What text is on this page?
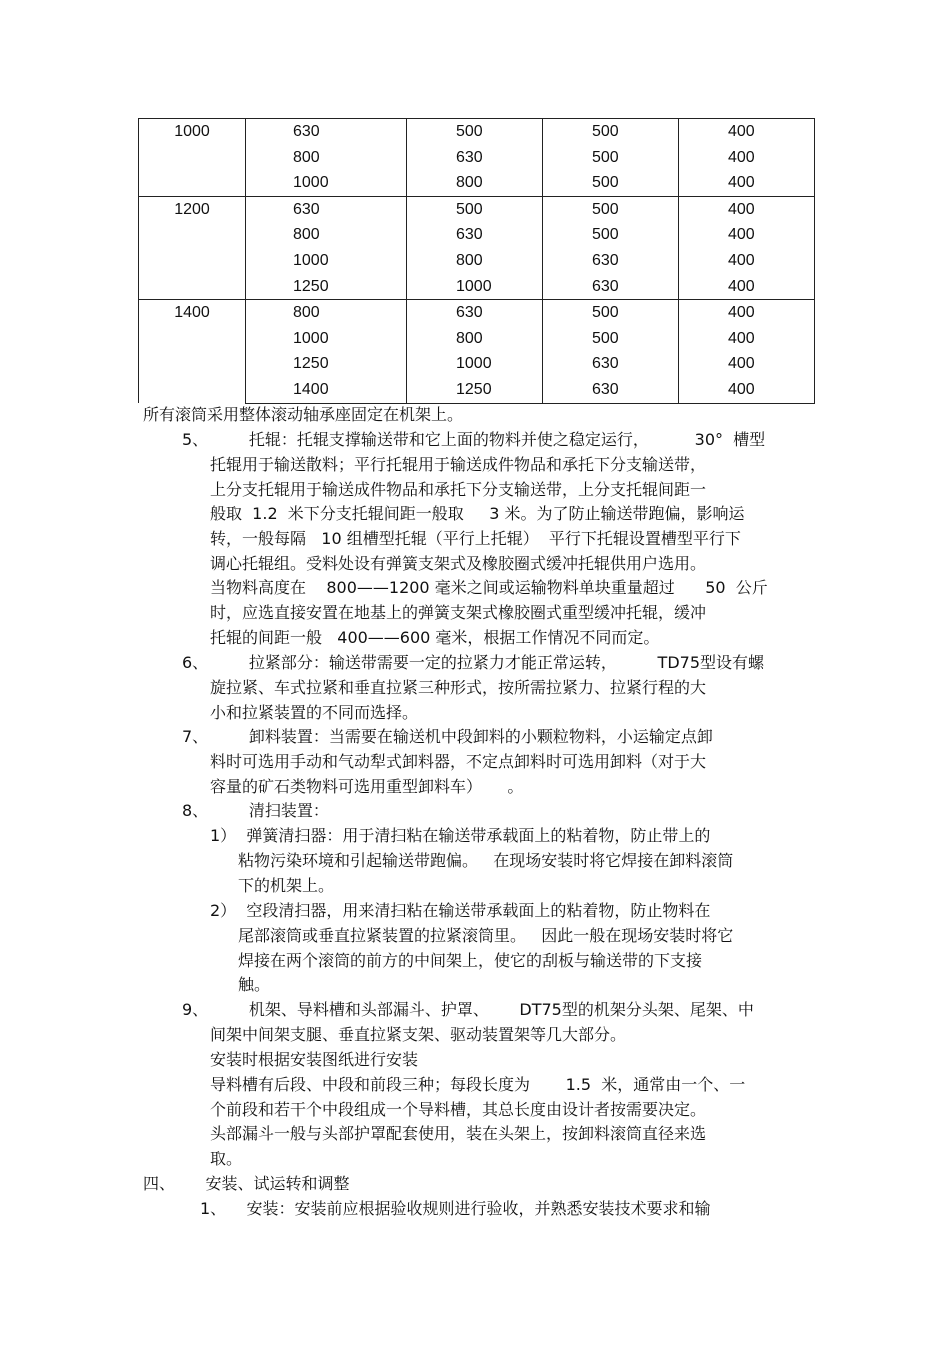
1000	630	500	500	400
	800	630	500	400
	1000	800	500	400
1200	630	500	500	400
	800	630	500	400
	1000	800	630	400
	1250	1000	630	400
1400	800	630	500	400
	1000	800	500	400
	1250	1000	630	400
	1400	1250	630	400

所有滚筒采用整体滚动轴承座固定在机架上。

5、        托辊：托辊支撑输送带和它上面的物料并使之稳定运行，         30°  槽型

托辊用于输送散料；平行托辊用于输送成件物品和承托下分支输送带，

上分支托辊用于输送成件物品和承托下分支输送带，上分支托辊间距一

般取  1.2  米下分支托辊间距一般取     3 米。为了防止输送带跑偏，影响运

转，一般每隔   10 组槽型托辊（平行上托辊）  平行下托辊设置槽型平行下

调心托辊组。受料处设有弹簧支架式及橡胶圈式缓冲托辊供用户选用。

当物料高度在    800——1200 毫米之间或运输物料单块重量超过      50  公斤

时，应选直接安置在地基上的弹簧支架式橡胶圈式重型缓冲托辊，缓冲

托辊的间距一般   400——600 毫米，根据工作情况不同而定。

6、        拉紧部分：输送带需要一定的拉紧力才能正常运转，        TD75型设有螺

旋拉紧、车式拉紧和垂直拉紧三种形式，按所需拉紧力、拉紧行程的大

小和拉紧装置的不同而选择。

7、        卸料装置：当需要在输送机中段卸料的小颗粒物料，小运输定点卸

料时可选用手动和气动犁式卸料器，不定点卸料时可选用卸料（对于大

容量的矿石类物料可选用重型卸料车）     。

8、        清扫装置：

1）  弹簧清扫器：用于清扫粘在输送带承载面上的粘着物，防止带上的

粘物污染环境和引起输送带跑偏。   在现场安装时将它焊接在卸料滚筒

下的机架上。

2）  空段清扫器，用来清扫粘在输送带承载面上的粘着物，防止物料在

尾部滚筒或垂直拉紧装置的拉紧滚筒里。   因此一般在现场安装时将它

焊接在两个滚筒的前方的中间架上，使它的刮板与输送带的下支接

触。

9、        机架、导料槽和头部漏斗、护罩、      DT75型的机架分头架、尾架、中

间架中间架支腿、垂直拉紧支架、驱动装置架等几大部分。

安装时根据安装图纸进行安装

导料槽有后段、中段和前段三种；每段长度为       1.5  米，通常由一个、一

个前段和若干个中段组成一个导料槽，其总长度由设计者按需要决定。

头部漏斗一般与头部护罩配套使用，装在头架上，按卸料滚筒直径来选

取。

四、      安装、试运转和调整

1、    安装：安装前应根据验收规则进行验收，并熟悉安装技术要求和输
